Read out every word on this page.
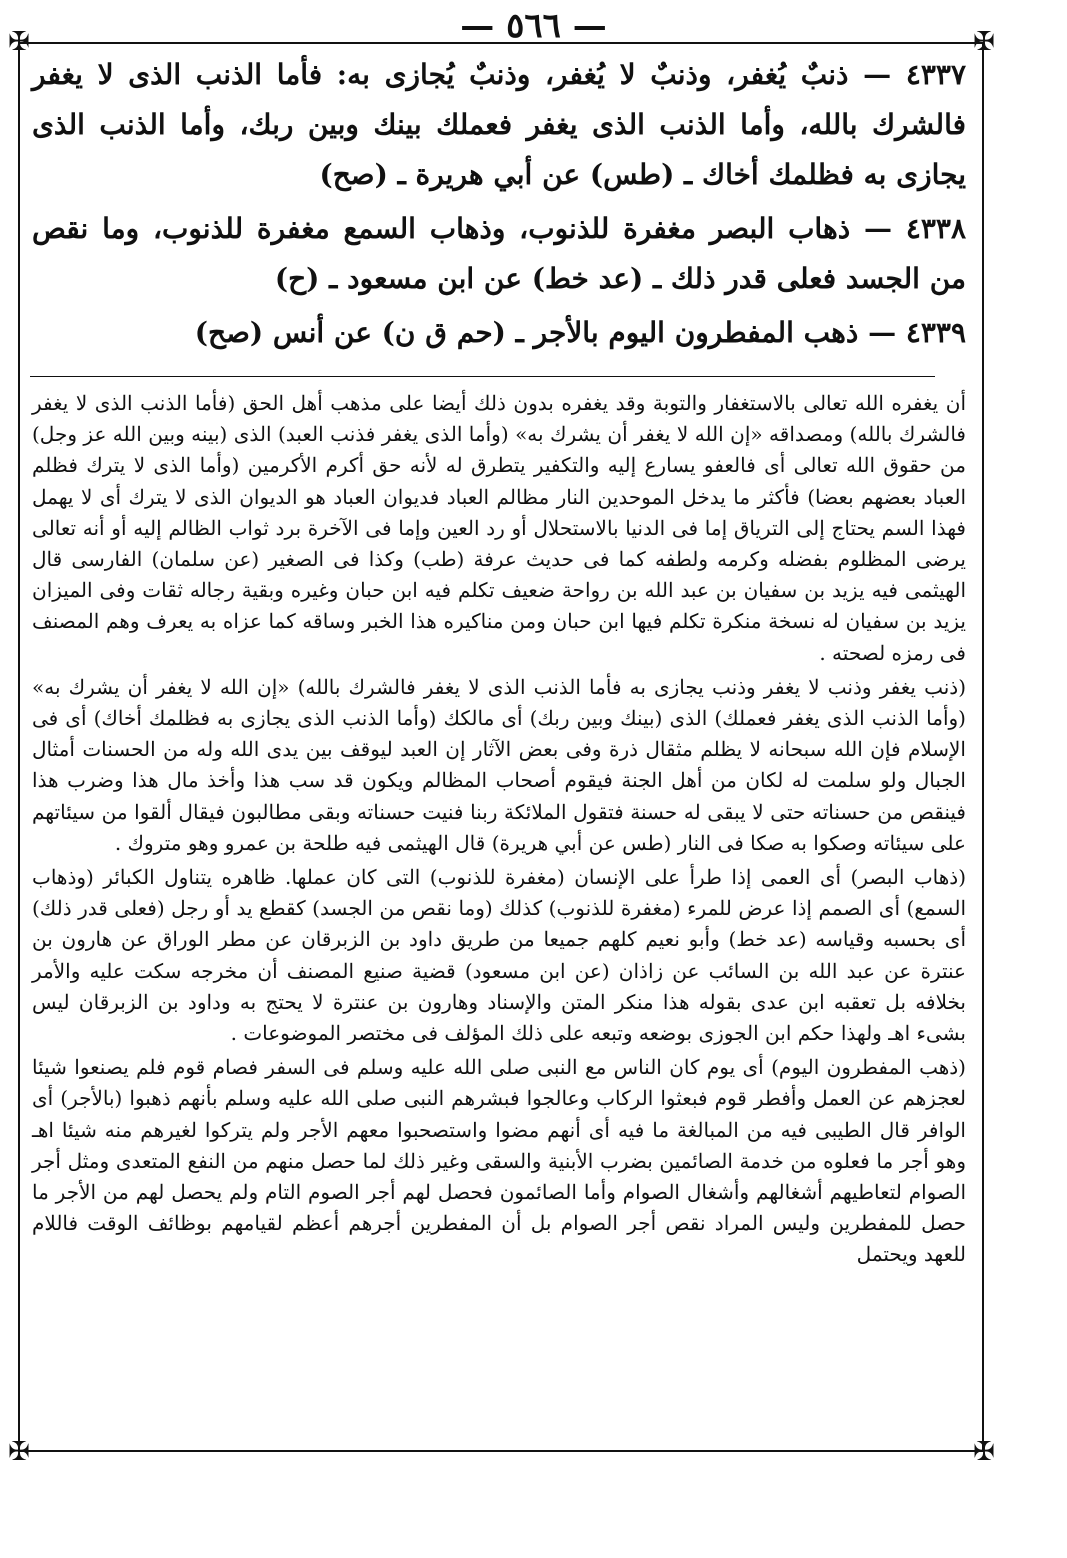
— ٥٦٦ —
✠	✠
✠	✠

٤٣٣٧ — ذنبٌ يُغفر، وذنبٌ لا يُغفر، وذنبٌ يُجازى به: فأما الذنب الذى لا يغفر فالشرك بالله، وأما الذنب الذى يغفر فعملك بينك وبين ربك، وأما الذنب الذى يجازى به فظلمك أخاك ـ (طس) عن أبي هريرة ـ (صح)

٤٣٣٨ — ذهاب البصر مغفرة للذنوب، وذهاب السمع مغفرة للذنوب، وما نقص من الجسد فعلى قدر ذلك ـ (عد خط) عن ابن مسعود ـ (ح)

٤٣٣٩ — ذهب المفطرون اليوم بالأجر ـ (حم ق ن) عن أنس (صح)

أن يغفره الله تعالى بالاستغفار والتوبة وقد يغفره بدون ذلك أيضا على مذهب أهل الحق (فأما الذنب الذى لا يغفر فالشرك بالله) ومصداقه «إن الله لا يغفر أن يشرك به» (وأما الذى يغفر فذنب العبد) الذى (بينه وبين الله عز وجل) من حقوق الله تعالى أى فالعفو يسارع إليه والتكفير يتطرق له لأنه حق أكرم الأكرمين (وأما الذى لا يترك فظلم العباد بعضهم بعضا) فأكثر ما يدخل الموحدين النار مظالم العباد فديوان العباد هو الديوان الذى لا يترك أى لا يهمل فهذا السم يحتاج إلى الترياق إما فى الدنيا بالاستحلال أو رد العين وإما فى الآخرة برد ثواب الظالم إليه أو أنه تعالى يرضى المظلوم بفضله وكرمه ولطفه كما فى حديث عرفة (طب) وكذا فى الصغير (عن سلمان) الفارسى قال الهيثمى فيه يزيد بن سفيان بن عبد الله بن رواحة ضعيف تكلم فيه ابن حبان وغيره وبقية رجاله ثقات وفى الميزان يزيد بن سفيان له نسخة منكرة تكلم فيها ابن حبان ومن مناكيره هذا الخبر وساقه كما عزاه به يعرف وهم المصنف فى رمزه لصحته .

(ذنب يغفر وذنب لا يغفر وذنب يجازى به فأما الذنب الذى لا يغفر فالشرك بالله) «إن الله لا يغفر أن يشرك به» (وأما الذنب الذى يغفر فعملك) الذى (بينك وبين ربك) أى مالكك (وأما الذنب الذى يجازى به فظلمك أخاك) أى فى الإسلام فإن الله سبحانه لا يظلم مثقال ذرة وفى بعض الآثار إن العبد ليوقف بين يدى الله وله من الحسنات أمثال الجبال ولو سلمت له لكان من أهل الجنة فيقوم أصحاب المظالم ويكون قد سب هذا وأخذ مال هذا وضرب هذا فينقص من حسناته حتى لا يبقى له حسنة فتقول الملائكة ربنا فنيت حسناته وبقى مطالبون فيقال ألقوا من سيئاتهم على سيئاته وصكوا به صكا فى النار (طس عن أبي هريرة) قال الهيثمى فيه طلحة بن عمرو وهو متروك .

(ذهاب البصر) أى العمى إذا طرأ على الإنسان (مغفرة للذنوب) التى كان عملها. ظاهره يتناول الكبائر (وذهاب السمع) أى الصمم إذا عرض للمرء (مغفرة للذنوب) كذلك (وما نقص من الجسد) كقطع يد أو رجل (فعلى قدر ذلك) أى بحسبه وقياسه (عد خط) وأبو نعيم كلهم جميعا من طريق داود بن الزبرقان عن مطر الوراق عن هارون بن عنترة عن عبد الله بن السائب عن زاذان (عن ابن مسعود) قضية صنيع المصنف أن مخرجه سكت عليه والأمر بخلافه بل تعقبه ابن عدى بقوله هذا منكر المتن والإسناد وهارون بن عنترة لا يحتج به وداود بن الزبرقان ليس بشىء اهـ ولهذا حكم ابن الجوزى بوضعه وتبعه على ذلك المؤلف فى مختصر الموضوعات .

(ذهب المفطرون اليوم) أى يوم كان الناس مع النبى صلى الله عليه وسلم فى السفر فصام قوم فلم يصنعوا شيئا لعجزهم عن العمل وأفطر قوم فبعثوا الركاب وعالجوا فبشرهم النبى صلى الله عليه وسلم بأنهم ذهبوا (بالأجر) أى الوافر قال الطيبى فيه من المبالغة ما فيه أى أنهم مضوا واستصحبوا معهم الأجر ولم يتركوا لغيرهم منه شيئا اهـ وهو أجر ما فعلوه من خدمة الصائمين بضرب الأبنية والسقى وغير ذلك لما حصل منهم من النفع المتعدى ومثل أجر الصوام لتعاطيهم أشغالهم وأشغال الصوام وأما الصائمون فحصل لهم أجر الصوم التام ولم يحصل لهم من الأجر ما حصل للمفطرين وليس المراد نقص أجر الصوام بل أن المفطرين أجرهم أعظم لقيامهم بوظائف الوقت فاللام للعهد ويحتمل
